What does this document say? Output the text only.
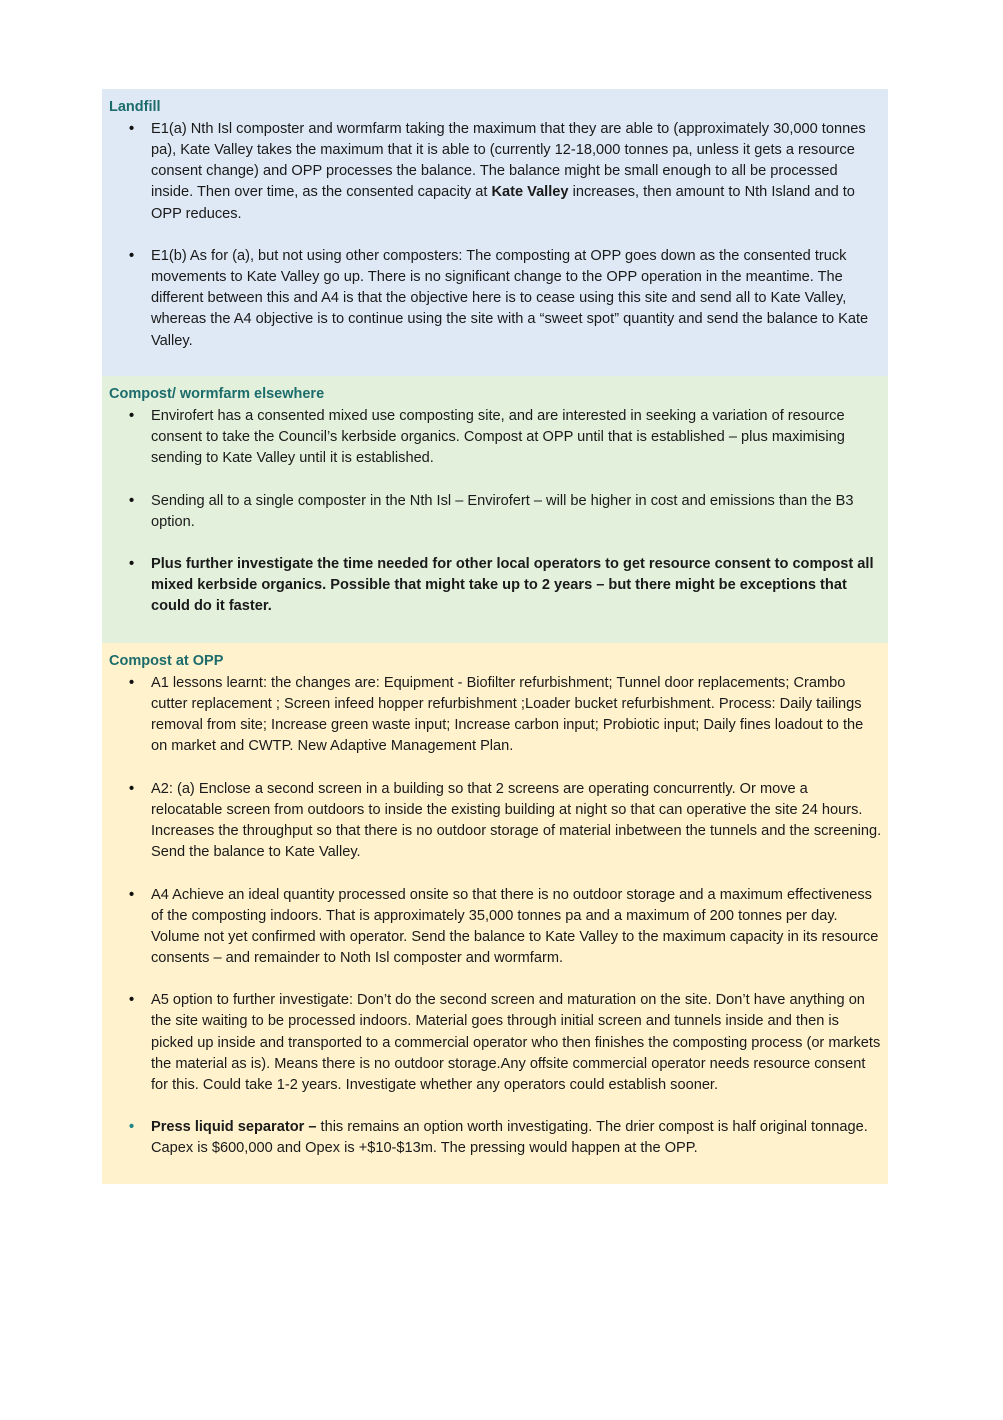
Landfill
•	E1(a) Nth Isl composter and wormfarm taking the maximum that they are able to (approximately 30,000 tonnes pa), Kate Valley takes the maximum that it is able to (currently 12-18,000 tonnes pa, unless it gets a resource consent change) and OPP processes the balance. The balance might be small enough to all be processed inside. Then over time, as the consented capacity at Kate Valley increases, then amount to Nth Island and to OPP reduces.
•	E1(b) As for (a), but not using other composters: The composting at OPP goes down as the consented truck movements to Kate Valley go up. There is no significant change to the OPP operation in the meantime. The different between this and A4 is that the objective here is to cease using this site and send all to Kate Valley, whereas the A4 objective is to continue using the site with a “sweet spot” quantity and send the balance to Kate Valley.
Compost/ wormfarm elsewhere
•	Envirofert has a consented mixed use composting site, and are interested in seeking a variation of resource consent to take the Council’s kerbside organics. Compost at OPP until that is established – plus maximising sending to Kate Valley until it is established.
•	Sending all to a single composter in the Nth Isl – Envirofert – will be higher in cost and emissions than the B3 option.
•	Plus further investigate the time needed for other local operators to get resource consent to compost all mixed kerbside organics. Possible that might take up to 2 years – but there might be exceptions that could do it faster.
Compost at OPP
•	A1 lessons learnt: the changes are: Equipment - Biofilter refurbishment; Tunnel door replacements; Crambo cutter replacement ; Screen infeed hopper refurbishment ;Loader bucket refurbishment. Process: Daily tailings removal from site; Increase green waste input; Increase carbon input; Probiotic input; Daily fines loadout to the on market and CWTP. New Adaptive Management Plan.
•	A2: (a) Enclose a second screen in a building so that 2 screens are operating concurrently. Or move a relocatable screen from outdoors to inside the existing building at night so that can operative the site 24 hours. Increases the throughput so that there is no outdoor storage of material inbetween the tunnels and the screening. Send the balance to Kate Valley.
•	A4 Achieve an ideal quantity processed onsite so that there is no outdoor storage and a maximum effectiveness of the composting indoors. That is approximately 35,000 tonnes pa and a maximum of 200 tonnes per day. Volume not yet confirmed with operator. Send the balance to Kate Valley to the maximum capacity in its resource consents – and remainder to Noth Isl composter and wormfarm.
•	A5 option to further investigate: Don’t do the second screen and maturation on the site. Don’t have anything on the site waiting to be processed indoors. Material goes through initial screen and tunnels inside and then is picked up inside and transported to a commercial operator who then finishes the composting process (or markets the material as is). Means there is no outdoor storage.Any offsite commercial operator needs resource consent for this. Could take 1-2 years. Investigate whether any operators could establish sooner.
•	Press liquid separator – this remains an option worth investigating. The drier compost is half original tonnage. Capex is $600,000 and Opex is +$10-$13m. The pressing would happen at the OPP.
